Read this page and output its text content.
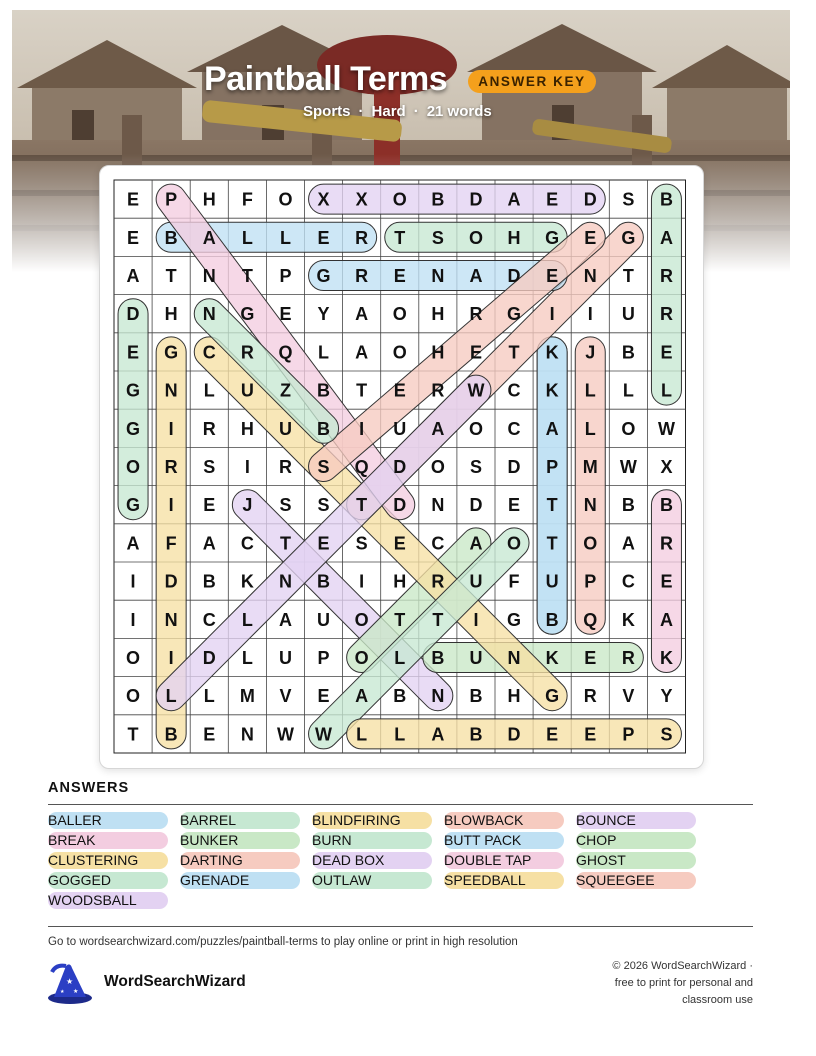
Paintball Terms	ANSWER KEY
Sports · Hard · 21 words
E P H F O X X O B D A E D S B
E B A L L E R T S O H G E G A
A T N T P G R E N A D E N T R
D H N G E Y A O H R G I I U R
E G C R Q L A O H E T K J B E
G N L U Z B T E R W C K L L L
G I R H U B I U A O C A L O W
O R S I R S Q D O S D P M W X
G I E J S S T D N D E T N B B
A F A C T E S E C A O T O A R
I D B K N B I H R U F U P C E
I N C L A U O T T I G B Q K A
O I D L U P O L B U N K E R K
O L L M V E A B N B H G R V Y
T B E N W W L L A B D E E P S
ANSWERS
BALLER	BARREL	BLINDFIRING	BLOWBACK	BOUNCE
BREAK	BUNKER	BURN	BUTT PACK	CHOP
CLUSTERING	DARTING	DEAD BOX	DOUBLE TAP	GHOST
GOGGED	GRENADE	OUTLAW	SPEEDBALL	SQUEEGEE
WOODSBALL
Go to wordsearchwizard.com/puzzles/paintball-terms to play online or print in high resolution
★
★
★
WordSearchWizard
© 2026 WordSearchWizard ·
free to print for personal and
classroom use
